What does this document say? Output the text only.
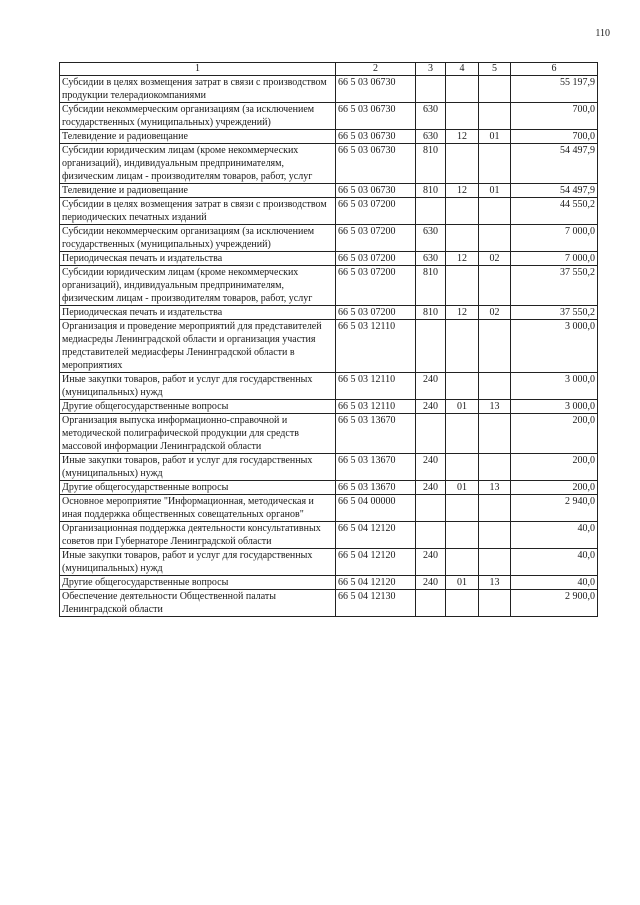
110
1	2	3	4	5	6
Субсидии в целях возмещения затрат в связи с производством продукции телерадиокомпаниями	66 5 03 06730				55 197,9
Субсидии некоммерческим организациям (за исключением государственных (муниципальных) учреждений)	66 5 03 06730	630			700,0
Телевидение и радиовещание	66 5 03 06730	630	12	01	700,0
Субсидии юридическим лицам (кроме некоммерческих организаций), индивидуальным предпринимателям, физическим лицам - производителям товаров, работ, услуг	66 5 03 06730	810			54 497,9
Телевидение и радиовещание	66 5 03 06730	810	12	01	54 497,9
Субсидии в целях возмещения затрат в связи с производством периодических печатных изданий	66 5 03 07200				44 550,2
Субсидии некоммерческим организациям (за исключением государственных (муниципальных) учреждений)	66 5 03 07200	630			7 000,0
Периодическая печать и издательства	66 5 03 07200	630	12	02	7 000,0
Субсидии юридическим лицам (кроме некоммерческих организаций), индивидуальным предпринимателям, физическим лицам - производителям товаров, работ, услуг	66 5 03 07200	810			37 550,2
Периодическая печать и издательства	66 5 03 07200	810	12	02	37 550,2
Организация и проведение мероприятий для представителей медиасреды Ленинградской области и организация участия представителей медиасферы Ленинградской области в мероприятиях	66 5 03 12110				3 000,0
Иные закупки товаров, работ и услуг для государственных (муниципальных) нужд	66 5 03 12110	240			3 000,0
Другие общегосударственные вопросы	66 5 03 12110	240	01	13	3 000,0
Организация выпуска информационно-справочной и методической полиграфической продукции для средств массовой информации Ленинградской области	66 5 03 13670				200,0
Иные закупки товаров, работ и услуг для государственных (муниципальных) нужд	66 5 03 13670	240			200,0
Другие общегосударственные вопросы	66 5 03 13670	240	01	13	200,0
Основное мероприятие "Информационная, методическая и иная поддержка общественных совещательных органов"	66 5 04 00000				2 940,0
Организационная поддержка деятельности консультативных советов при Губернаторе Ленинградской области	66 5 04 12120				40,0
Иные закупки товаров, работ и услуг для государственных (муниципальных) нужд	66 5 04 12120	240			40,0
Другие общегосударственные вопросы	66 5 04 12120	240	01	13	40,0
Обеспечение деятельности Общественной палаты Ленинградской области	66 5 04 12130				2 900,0
